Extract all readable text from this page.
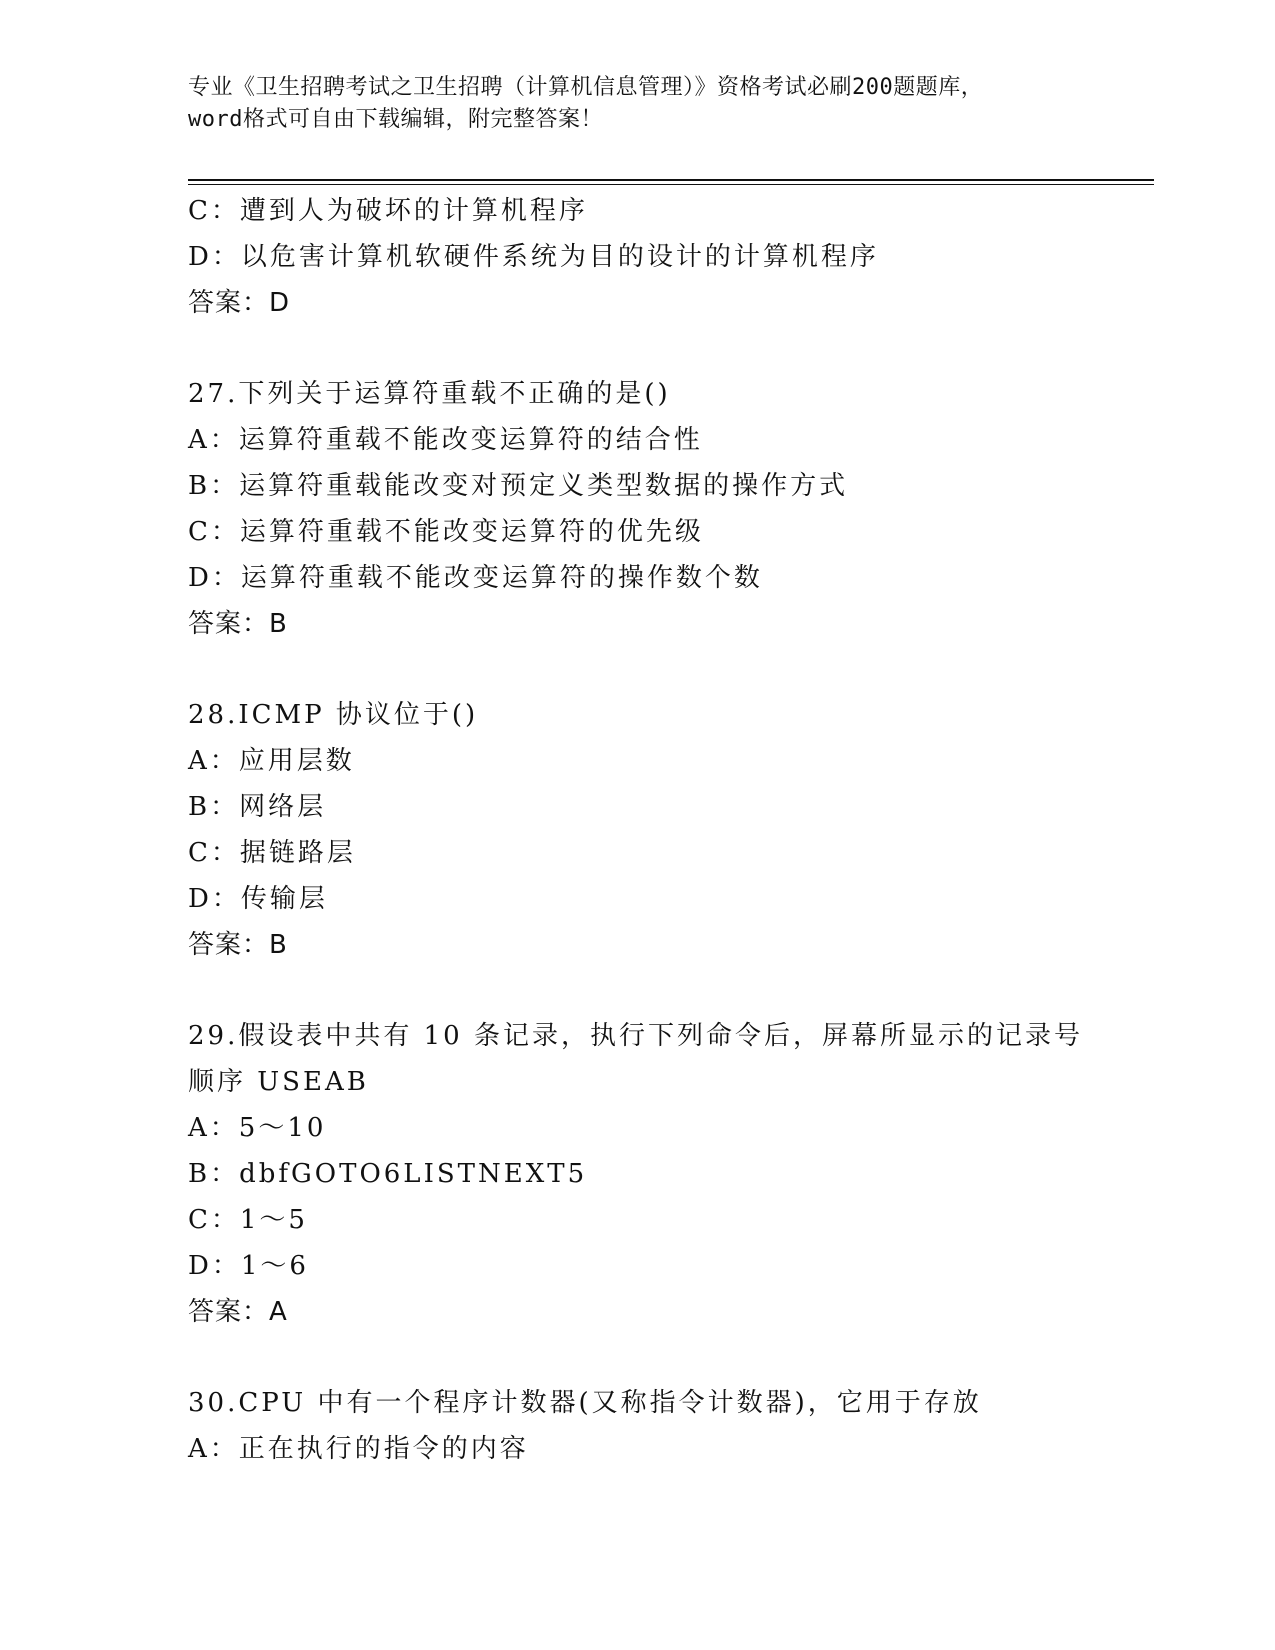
专业《卫生招聘考试之卫生招聘（计算机信息管理）》资格考试必刷200题题库，
word格式可自由下载编辑，附完整答案！
C：遭到人为破坏的计算机程序
D：以危害计算机软硬件系统为目的设计的计算机程序
答案：D
27.下列关于运算符重载不正确的是()
A：运算符重载不能改变运算符的结合性
B：运算符重载能改变对预定义类型数据的操作方式
C：运算符重载不能改变运算符的优先级
D：运算符重载不能改变运算符的操作数个数
答案：B
28.ICMP 协议位于()
A：应用层数
B：网络层
C：据链路层
D：传输层
答案：B
29.假设表中共有 10 条记录，执行下列命令后，屏幕所显示的记录号
顺序 USEAB
A：5～10
B：dbfGOTO6LISTNEXT5
C：1～5
D：1～6
答案：A
30.CPU 中有一个程序计数器(又称指令计数器)，它用于存放
A：正在执行的指令的内容
